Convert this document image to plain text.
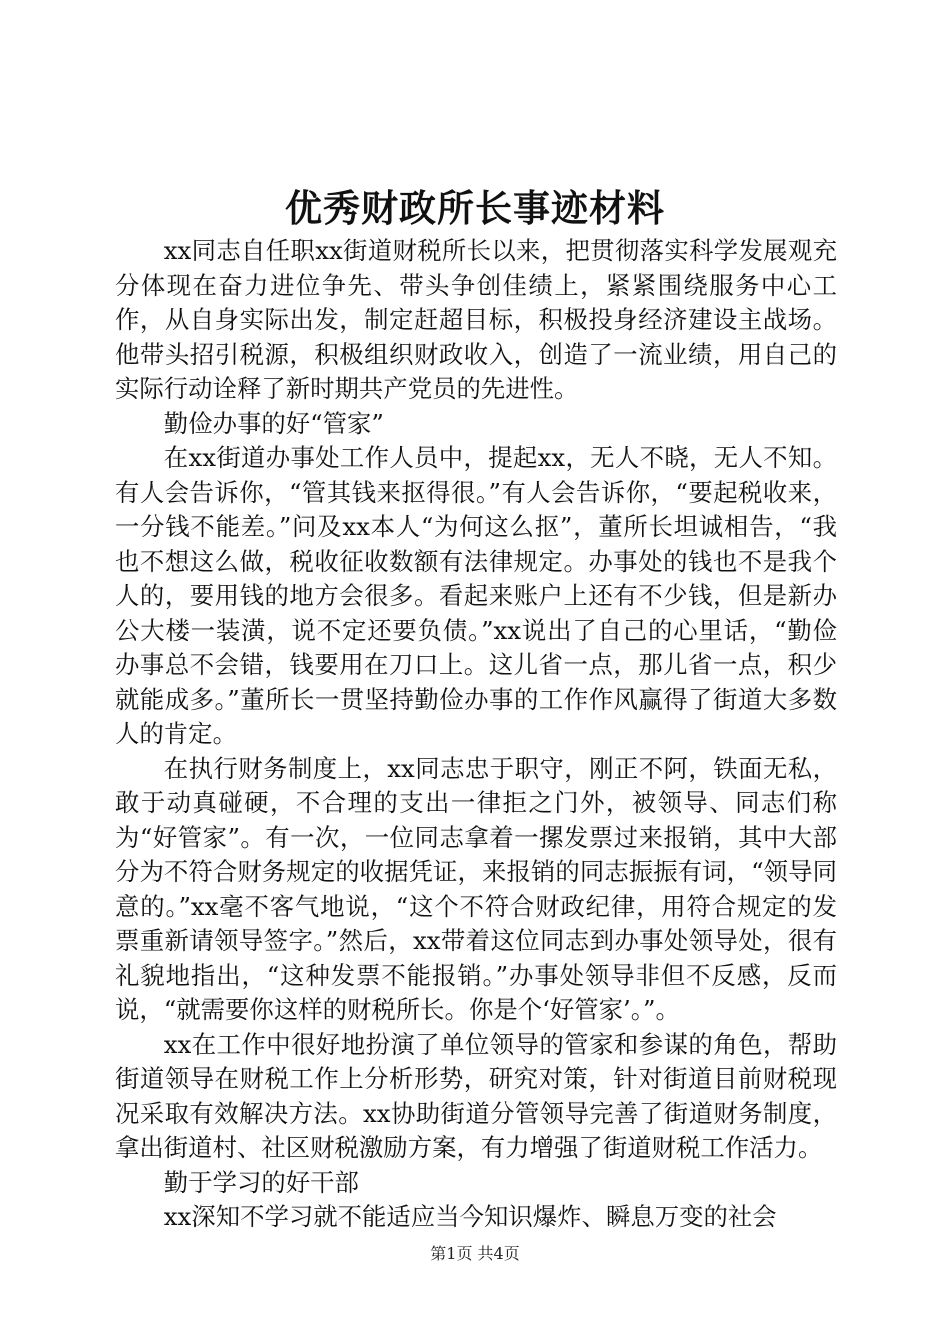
优秀财政所长事迹材料

xx同志自任职xx街道财税所长以来，把贯彻落实科学发展观充分体现在奋力进位争先、带头争创佳绩上，紧紧围绕服务中心工作，从自身实际出发，制定赶超目标，积极投身经济建设主战场。他带头招引税源，积极组织财政收入，创造了一流业绩，用自己的实际行动诠释了新时期共产党员的先进性。

勤俭办事的好“管家”

在xx街道办事处工作人员中，提起xx，无人不晓，无人不知。有人会告诉你，“管其钱来抠得很。”有人会告诉你，“要起税收来，一分钱不能差。”问及xx本人“为何这么抠”，董所长坦诚相告，“我也不想这么做，税收征收数额有法律规定。办事处的钱也不是我个人的，要用钱的地方会很多。看起来账户上还有不少钱，但是新办公大楼一装潢，说不定还要负债。”xx说出了自己的心里话，“勤俭办事总不会错，钱要用在刀口上。这儿省一点，那儿省一点，积少就能成多。”董所长一贯坚持勤俭办事的工作作风赢得了街道大多数人的肯定。

在执行财务制度上，xx同志忠于职守，刚正不阿，铁面无私，敢于动真碰硬，不合理的支出一律拒之门外，被领导、同志们称为“好管家”。有一次，一位同志拿着一摞发票过来报销，其中大部分为不符合财务规定的收据凭证，来报销的同志振振有词，“领导同意的。”xx毫不客气地说，“这个不符合财政纪律，用符合规定的发票重新请领导签字。”然后，xx带着这位同志到办事处领导处，很有礼貌地指出，“这种发票不能报销。”办事处领导非但不反感，反而说，“就需要你这样的财税所长。你是个‘好管家’。”。

xx在工作中很好地扮演了单位领导的管家和参谋的角色，帮助街道领导在财税工作上分析形势，研究对策，针对街道目前财税现况采取有效解决方法。xx协助街道分管领导完善了街道财务制度，拿出街道村、社区财税激励方案，有力增强了街道财税工作活力。

勤于学习的好干部

xx深知不学习就不能适应当今知识爆炸、瞬息万变的社会

第1页 共4页
